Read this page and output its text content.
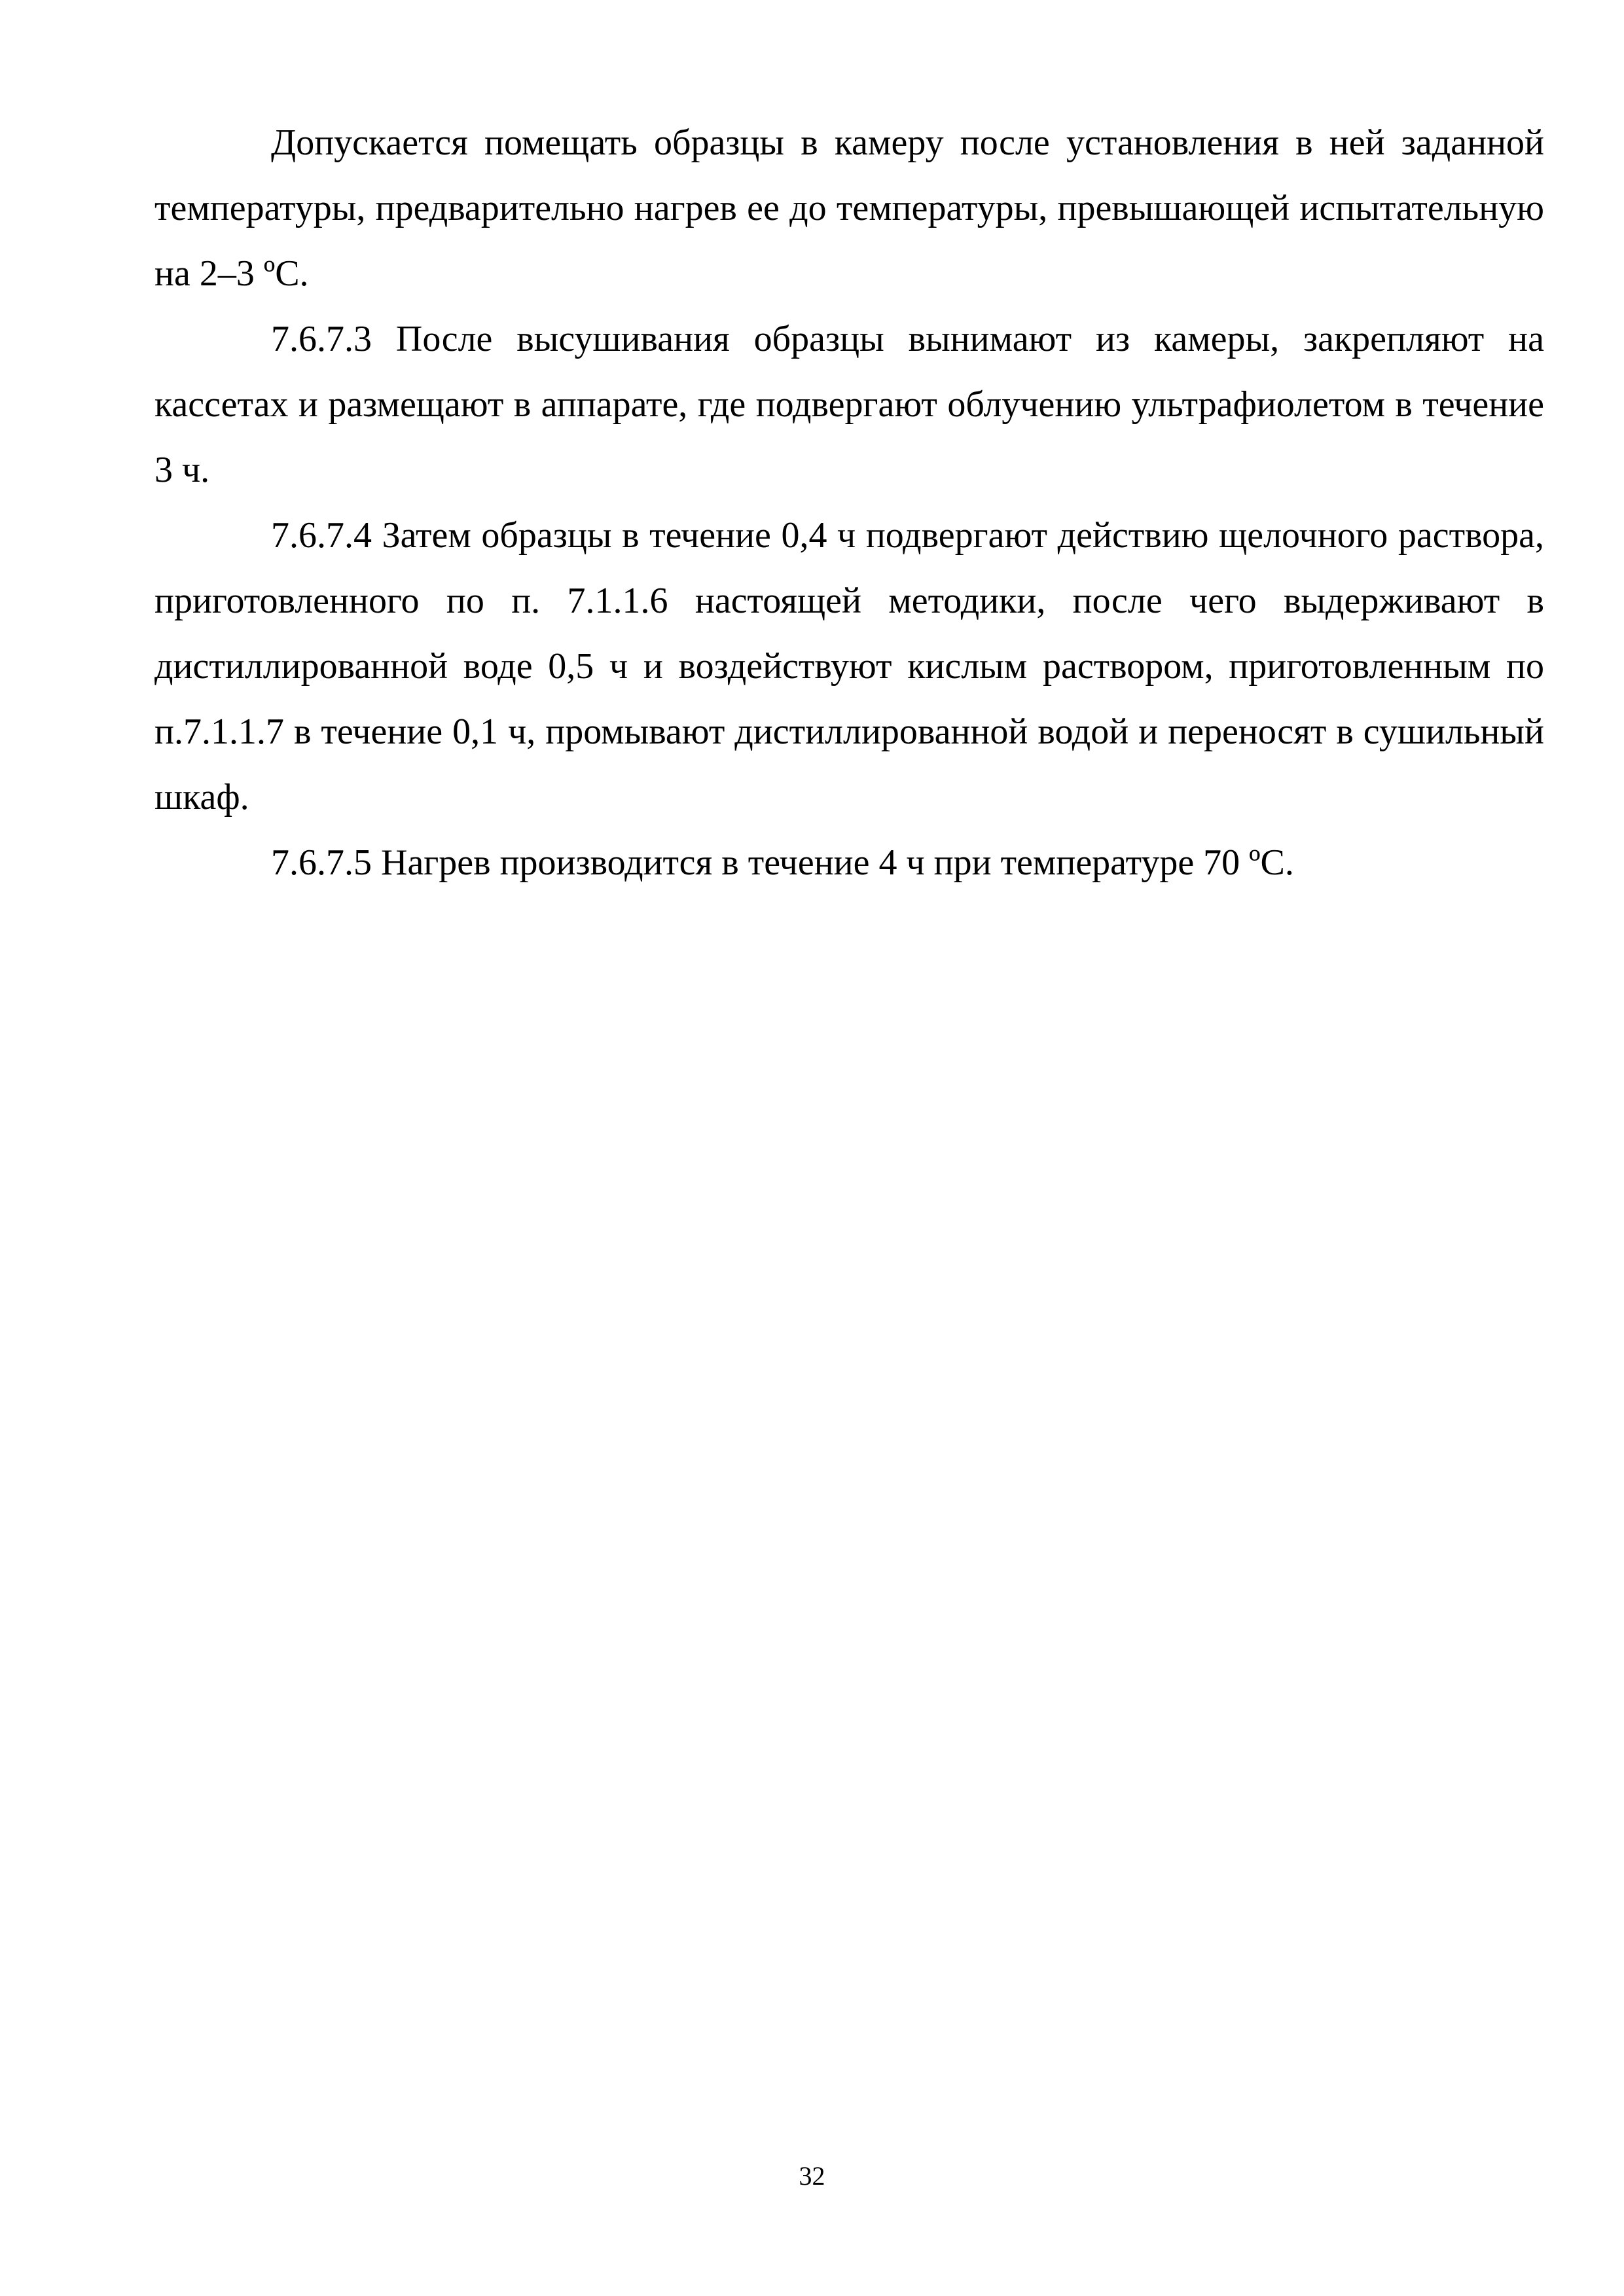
Допускается помещать образцы в камеру после установления в ней заданной температуры, предварительно нагрев ее до температуры, превышающей испытательную на 2–3 ºС.

7.6.7.3 После высушивания образцы вынимают из камеры, закрепляют на кассетах и размещают в аппарате, где подвергают облучению ультрафиолетом в течение 3 ч.

7.6.7.4 Затем образцы в течение 0,4 ч подвергают действию щелочного раствора, приготовленного по п. 7.1.1.6 настоящей методики, после чего выдерживают в дистиллированной воде 0,5 ч и воздействуют кислым раствором, приготовленным по п.7.1.1.7 в течение 0,1 ч, промывают дистиллированной водой и переносят в сушильный шкаф.

7.6.7.5 Нагрев производится в течение 4 ч при температуре 70 ºС.

32
